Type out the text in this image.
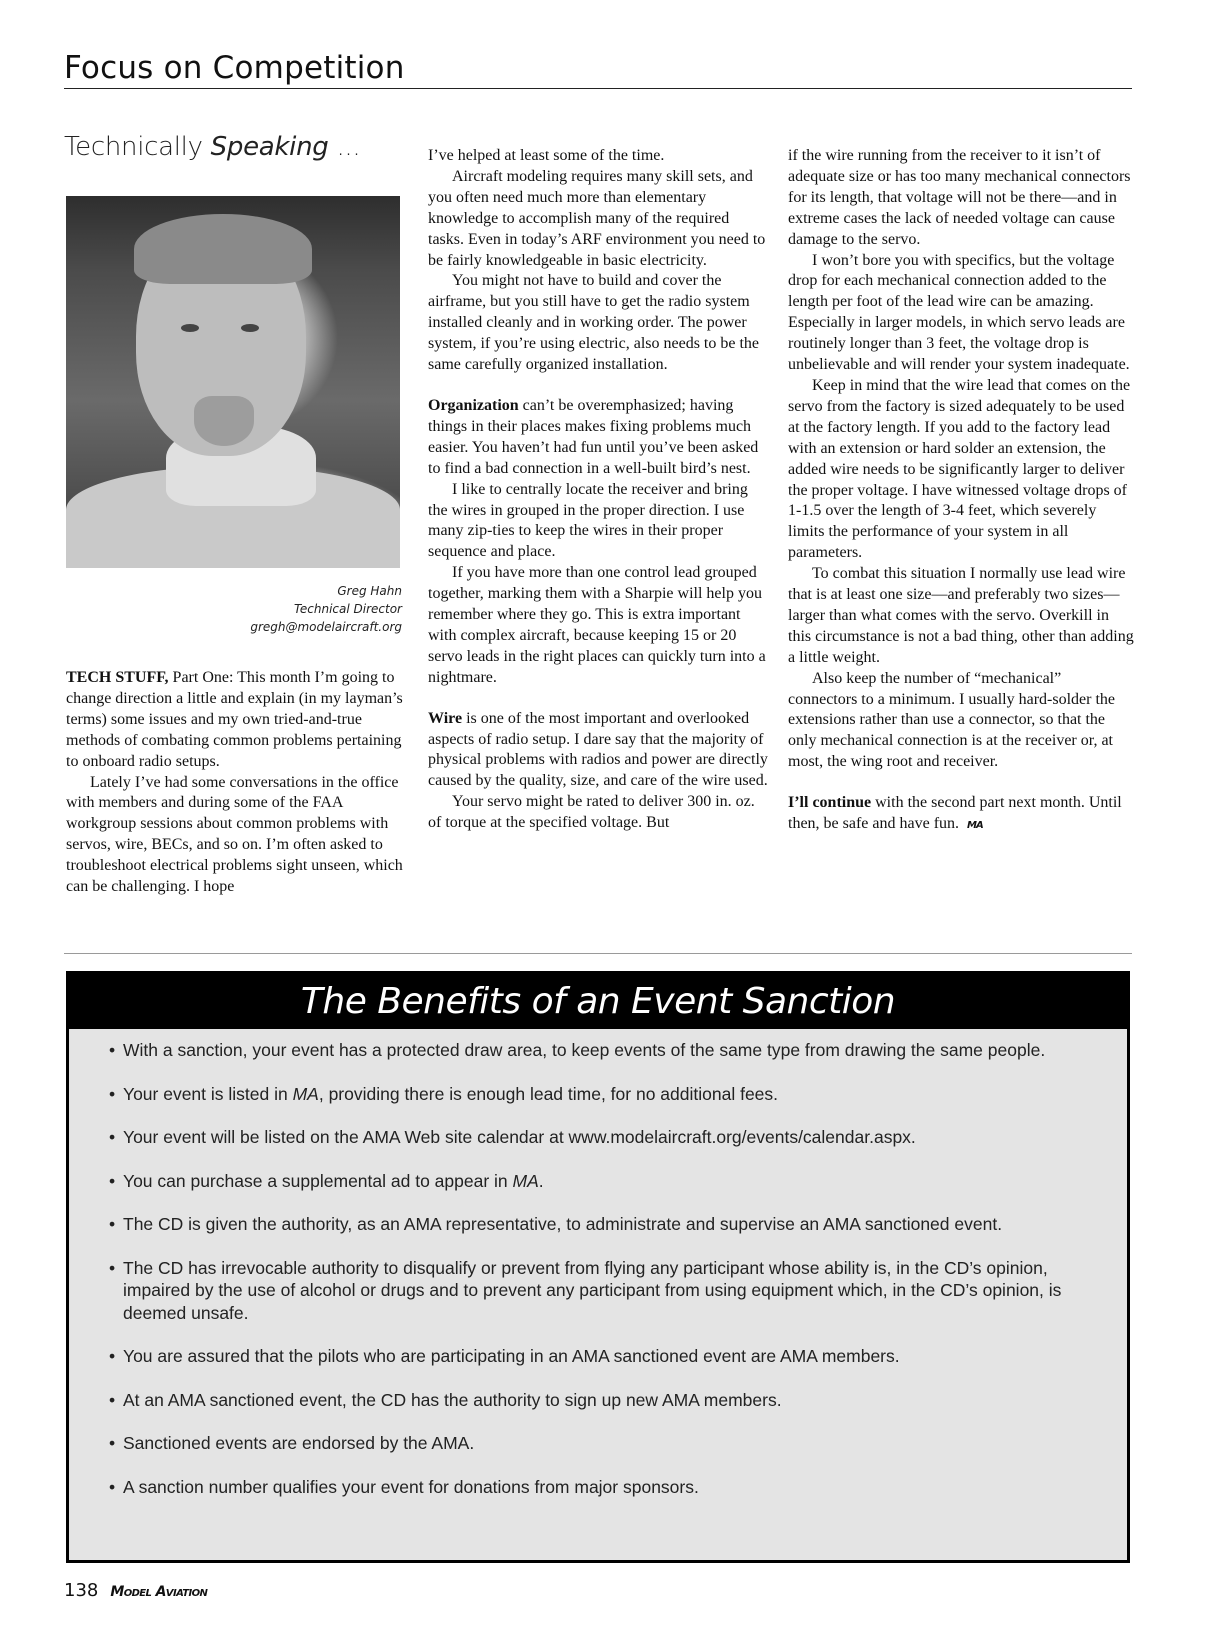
Focus on Competition
Technically Speaking ...
Greg Hahn
Technical Director
gregh@modelaircraft.org

TECH STUFF, Part One: This month I’m going to change direction a little and explain (in my layman’s terms) some issues and my own tried-and-true methods of combating common problems pertaining to onboard radio setups.

Lately I’ve had some conversations in the office with members and during some of the FAA workgroup sessions about common problems with servos, wire, BECs, and so on. I’m often asked to troubleshoot electrical problems sight unseen, which can be challenging. I hope

I’ve helped at least some of the time.

Aircraft modeling requires many skill sets, and you often need much more than elementary knowledge to accomplish many of the required tasks. Even in today’s ARF environment you need to be fairly knowledgeable in basic electricity.

You might not have to build and cover the airframe, but you still have to get the radio system installed cleanly and in working order. The power system, if you’re using electric, also needs to be the same carefully organized installation.

Organization can’t be overemphasized; having things in their places makes fixing problems much easier. You haven’t had fun until you’ve been asked to find a bad connection in a well-built bird’s nest.

I like to centrally locate the receiver and bring the wires in grouped in the proper direction. I use many zip-ties to keep the wires in their proper sequence and place.

If you have more than one control lead grouped together, marking them with a Sharpie will help you remember where they go. This is extra important with complex aircraft, because keeping 15 or 20 servo leads in the right places can quickly turn into a nightmare.

Wire is one of the most important and overlooked aspects of radio setup. I dare say that the majority of physical problems with radios and power are directly caused by the quality, size, and care of the wire used.

Your servo might be rated to deliver 300 in. oz. of torque at the specified voltage. But

if the wire running from the receiver to it isn’t of adequate size or has too many mechanical connectors for its length, that voltage will not be there—and in extreme cases the lack of needed voltage can cause damage to the servo.

I won’t bore you with specifics, but the voltage drop for each mechanical connection added to the length per foot of the lead wire can be amazing. Especially in larger models, in which servo leads are routinely longer than 3 feet, the voltage drop is unbelievable and will render your system inadequate.

Keep in mind that the wire lead that comes on the servo from the factory is sized adequately to be used at the factory length. If you add to the factory lead with an extension or hard solder an extension, the added wire needs to be significantly larger to deliver the proper voltage. I have witnessed voltage drops of 1-1.5 over the length of 3-4 feet, which severely limits the performance of your system in all parameters.

To combat this situation I normally use lead wire that is at least one size—and preferably two sizes—larger than what comes with the servo. Overkill in this circumstance is not a bad thing, other than adding a little weight.

Also keep the number of “mechanical” connectors to a minimum. I usually hard-solder the extensions rather than use a connector, so that the only mechanical connection is at the receiver or, at most, the wing root and receiver.

I’ll continue with the second part next month. Until then, be safe and have fun. MA

The Benefits of an Event Sanction
• With a sanction, your event has a protected draw area, to keep events of the same type from drawing the same people.
• Your event is listed in MA, providing there is enough lead time, for no additional fees.
• Your event will be listed on the AMA Web site calendar at www.modelaircraft.org/events/calendar.aspx.
• You can purchase a supplemental ad to appear in MA.
• The CD is given the authority, as an AMA representative, to administrate and supervise an AMA sanctioned event.
• The CD has irrevocable authority to disqualify or prevent from flying any participant whose ability is, in the CD’s opinion, impaired by the use of alcohol or drugs and to prevent any participant from using equipment which, in the CD’s opinion, is deemed unsafe.
• You are assured that the pilots who are participating in an AMA sanctioned event are AMA members.
• At an AMA sanctioned event, the CD has the authority to sign up new AMA members.
• Sanctioned events are endorsed by the AMA.
• A sanction number qualifies your event for donations from major sponsors.
138 Model Aviation
